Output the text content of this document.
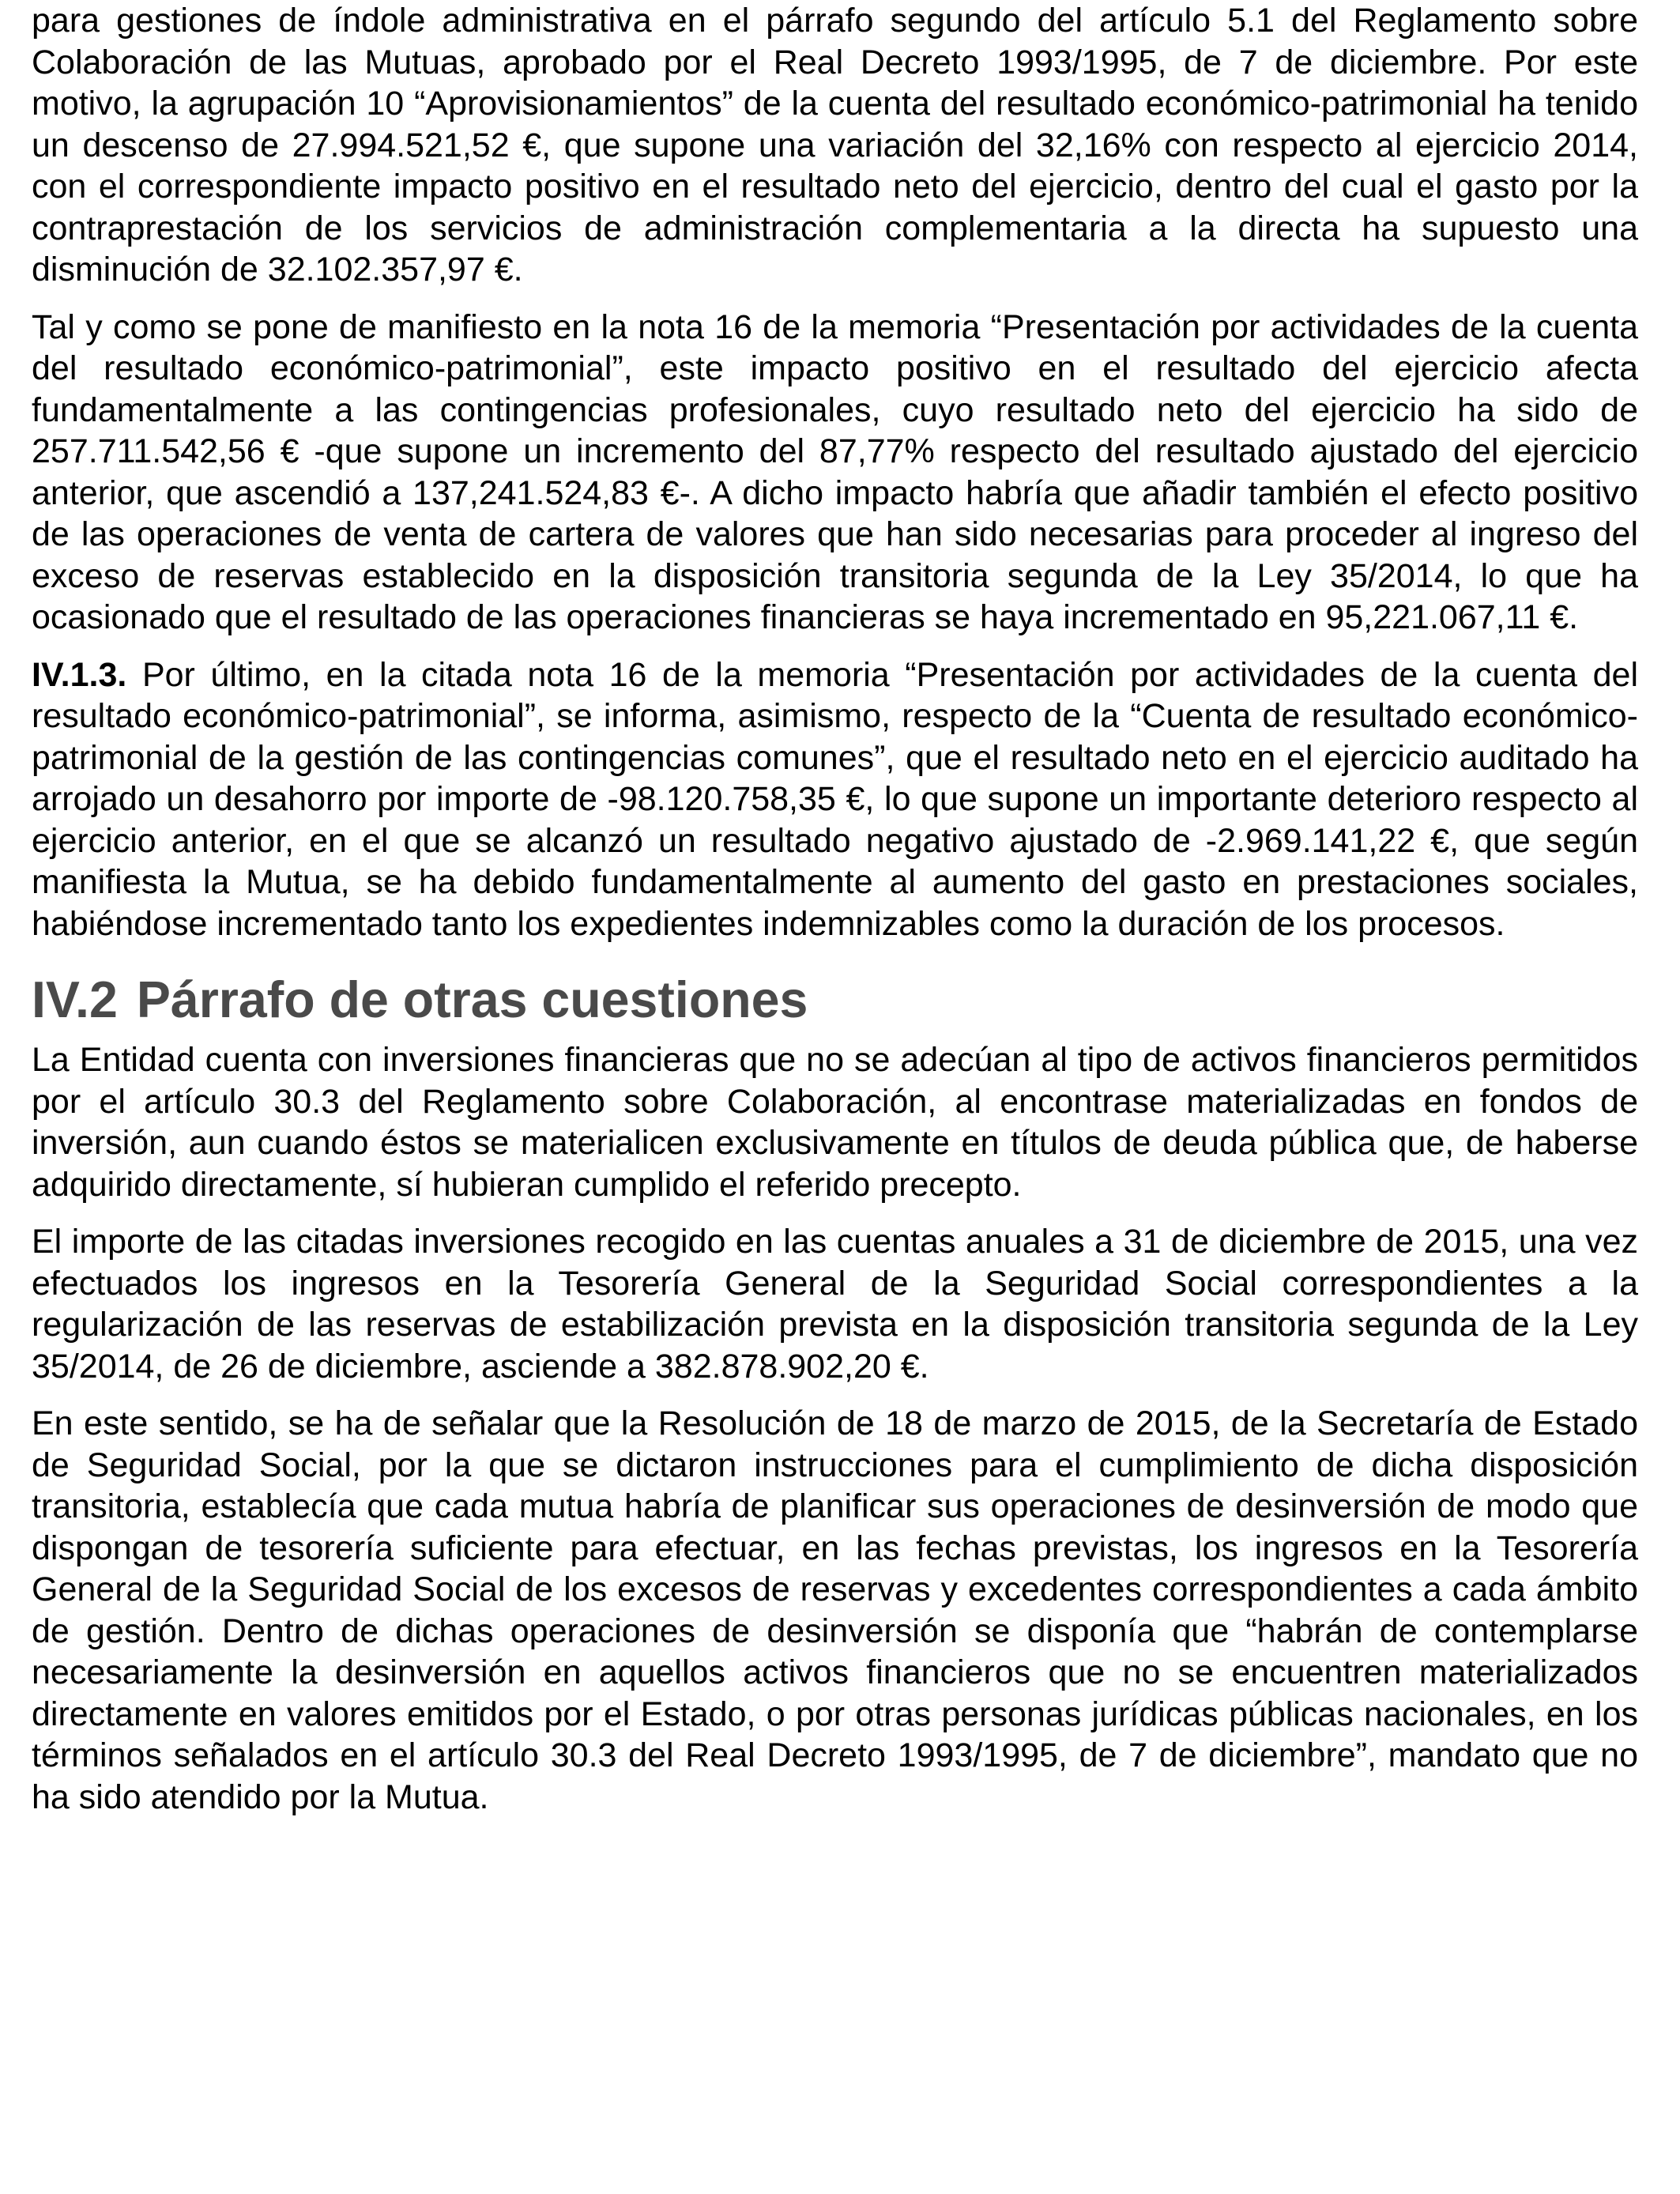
para gestiones de índole administrativa en el párrafo segundo del artículo 5.1 del Reglamento sobre Colaboración de las Mutuas, aprobado por el Real Decreto 1993/1995, de 7 de diciembre. Por este motivo, la agrupación 10 “Aprovisionamientos” de la cuenta del resultado económico-patrimonial ha tenido un descenso de 27.994.521,52 €, que supone una variación del 32,16% con respecto al ejercicio 2014, con el correspondiente impacto positivo en el resultado neto del ejercicio, dentro del cual el gasto por la contraprestación de los servicios de administración complementaria a la directa ha supuesto una disminución de 32.102.357,97 €.

Tal y como se pone de manifiesto en la nota 16 de la memoria “Presentación por actividades de la cuenta del resultado económico-patrimonial”, este impacto positivo en el resultado del ejercicio afecta fundamentalmente a las contingencias profesionales, cuyo resultado neto del ejercicio ha sido de 257.711.542,56 € -que supone un incremento del 87,77% respecto del resultado ajustado del ejercicio anterior, que ascendió a 137,241.524,83 €-. A dicho impacto habría que añadir también el efecto positivo de las operaciones de venta de cartera de valores que han sido necesarias para proceder al ingreso del exceso de reservas establecido en la disposición transitoria segunda de la Ley 35/2014, lo que ha ocasionado que el resultado de las operaciones financieras se haya incrementado en 95,221.067,11 €.

IV.1.3. Por último, en la citada nota 16 de la memoria “Presentación por actividades de la cuenta del resultado económico-patrimonial”, se informa, asimismo, respecto de la “Cuenta de resultado económico-patrimonial de la gestión de las contingencias comunes”, que el resultado neto en el ejercicio auditado ha arrojado un desahorro por importe de -98.120.758,35 €, lo que supone un importante deterioro respecto al ejercicio anterior, en el que se alcanzó un resultado negativo ajustado de -2.969.141,22 €, que según manifiesta la Mutua, se ha debido fundamentalmente al aumento del gasto en prestaciones sociales, habiéndose incrementado tanto los expedientes indemnizables como la duración de los procesos.

IV.2 Párrafo de otras cuestiones

La Entidad cuenta con inversiones financieras que no se adecúan al tipo de activos financieros permitidos por el artículo 30.3 del Reglamento sobre Colaboración, al encontrase materializadas en fondos de inversión, aun cuando éstos se materialicen exclusivamente en títulos de deuda pública que, de haberse adquirido directamente, sí hubieran cumplido el referido precepto.

El importe de las citadas inversiones recogido en las cuentas anuales a 31 de diciembre de 2015, una vez efectuados los ingresos en la Tesorería General de la Seguridad Social correspondientes a la regularización de las reservas de estabilización prevista en la disposición transitoria segunda de la Ley 35/2014, de 26 de diciembre, asciende a 382.878.902,20 €.

En este sentido, se ha de señalar que la Resolución de 18 de marzo de 2015, de la Secretaría de Estado de Seguridad Social, por la que se dictaron instrucciones para el cumplimiento de dicha disposición transitoria, establecía que cada mutua habría de planificar sus operaciones de desinversión de modo que dispongan de tesorería suficiente para efectuar, en las fechas previstas, los ingresos en la Tesorería General de la Seguridad Social de los excesos de reservas y excedentes correspondientes a cada ámbito de gestión. Dentro de dichas operaciones de desinversión se disponía que “habrán de contemplarse necesariamente la desinversión en aquellos activos financieros que no se encuentren materializados directamente en valores emitidos por el Estado, o por otras personas jurídicas públicas nacionales, en los términos señalados en el artículo 30.3 del Real Decreto 1993/1995, de 7 de diciembre”, mandato que no ha sido atendido por la Mutua.
